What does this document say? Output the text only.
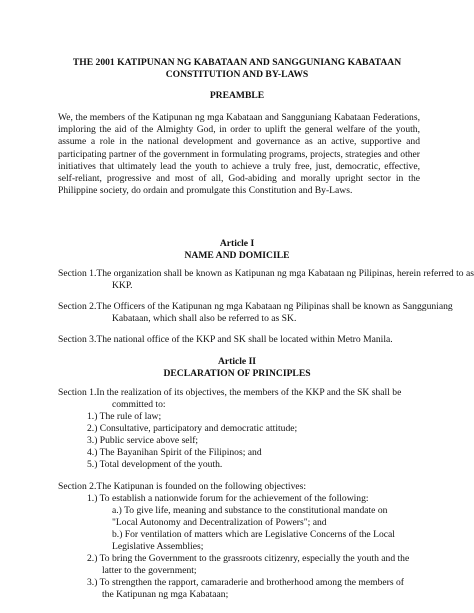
THE 2001 KATIPUNAN NG KABATAAN AND SANGGUNIANG KABATAAN
CONSTITUTION AND BY-LAWS
PREAMBLE
We, the members of the Katipunan ng mga Kabataan and Sangguniang Kabataan Federations, imploring the aid of the Almighty God, in order to uplift the general welfare of the youth, assume a role in the national development and governance as an active, supportive and participating partner of the government in formulating programs, projects, strategies and other initiatives that ultimately lead the youth to achieve a truly free, just, democratic, effective, self-reliant, progressive and most of all, God-abiding and morally upright sector in the Philippine society, do ordain and promulgate this Constitution and By-Laws.
Article I
NAME AND DOMICILE
Section 1.The organization shall be known as Katipunan ng mga Kabataan ng Pilipinas, herein referred to as KKP.
Section 2.The Officers of the Katipunan ng mga Kabataan ng Pilipinas shall be known as Sangguniang Kabataan, which shall also be referred to as SK.
Section 3.The national office of the KKP and SK shall be located within Metro Manila.
Article II
DECLARATION OF PRINCIPLES
Section 1.In the realization of its objectives, the members of the KKP and the SK shall be
committed to:
1.) The rule of law;
2.) Consultative, participatory and democratic attitude;
3.) Public service above self;
4.) The Bayanihan Spirit of the Filipinos; and
5.) Total development of the youth.
Section 2.The Katipunan is founded on the following objectives:
1.) To establish a nationwide forum for the achievement of the following:
a.) To give life, meaning and substance to the constitutional mandate on
"Local Autonomy and Decentralization of Powers"; and
b.) For ventilation of matters which are Legislative Concerns of the Local
Legislative Assemblies;
2.) To bring the Government to the grassroots citizenry, especially the youth and the
latter to the government;
3.) To strengthen the rapport, camaraderie and brotherhood among the members of
the Katipunan ng mga Kabataan;
